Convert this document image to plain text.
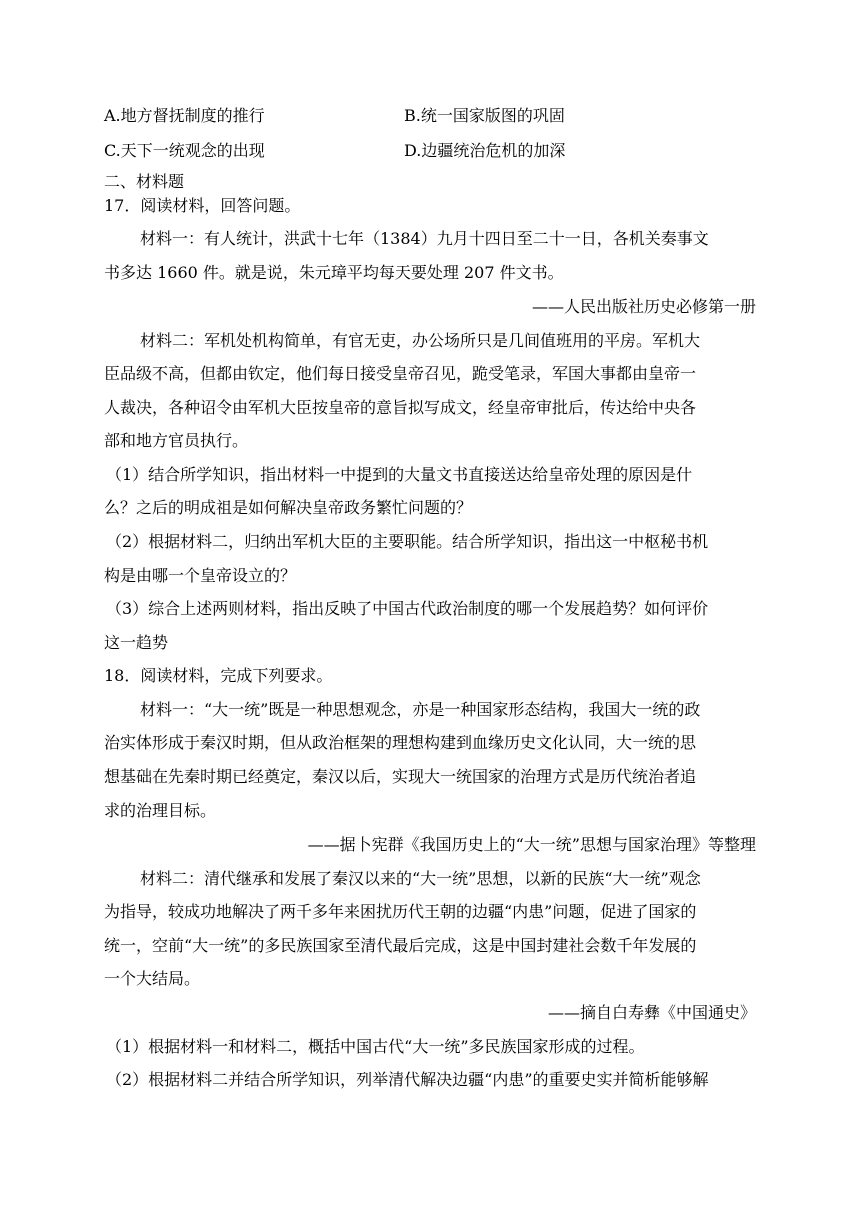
A.地方督抚制度的推行	B.统一国家版图的巩固
C.天下一统观念的出现	D.边疆统治危机的加深
二、材料题
17．阅读材料，回答问题。
材料一：有人统计，洪武十七年（1384）九月十四日至二十一日，各机关奏事文
书多达 1660 件。就是说，朱元璋平均每天要处理 207 件文书。
——人民出版社历史必修第一册
材料二：军机处机构简单，有官无吏，办公场所只是几间值班用的平房。军机大
臣品级不高，但都由钦定，他们每日接受皇帝召见，跪受笔录，军国大事都由皇帝一
人裁决，各种诏令由军机大臣按皇帝的意旨拟写成文，经皇帝审批后，传达给中央各
部和地方官员执行。
（1）结合所学知识，指出材料一中提到的大量文书直接送达给皇帝处理的原因是什
么？之后的明成祖是如何解决皇帝政务繁忙问题的？
（2）根据材料二，归纳出军机大臣的主要职能。结合所学知识，指出这一中枢秘书机
构是由哪一个皇帝设立的？
（3）综合上述两则材料，指出反映了中国古代政治制度的哪一个发展趋势？如何评价
这一趋势
18．阅读材料，完成下列要求。
材料一：“大一统”既是一种思想观念，亦是一种国家形态结构，我国大一统的政
治实体形成于秦汉时期，但从政治框架的理想构建到血缘历史文化认同，大一统的思
想基础在先秦时期已经奠定，秦汉以后，实现大一统国家的治理方式是历代统治者追
求的治理目标。
——据卜宪群《我国历史上的“大一统”思想与国家治理》等整理
材料二：清代继承和发展了秦汉以来的“大一统”思想，以新的民族“大一统”观念
为指导，较成功地解决了两千多年来困扰历代王朝的边疆“内患”问题，促进了国家的
统一，空前“大一统”的多民族国家至清代最后完成，这是中国封建社会数千年发展的
一个大结局。
——摘自白寿彝《中国通史》
（1）根据材料一和材料二，概括中国古代“大一统”多民族国家形成的过程。
（2）根据材料二并结合所学知识，列举清代解决边疆“内患”的重要史实并简析能够解
